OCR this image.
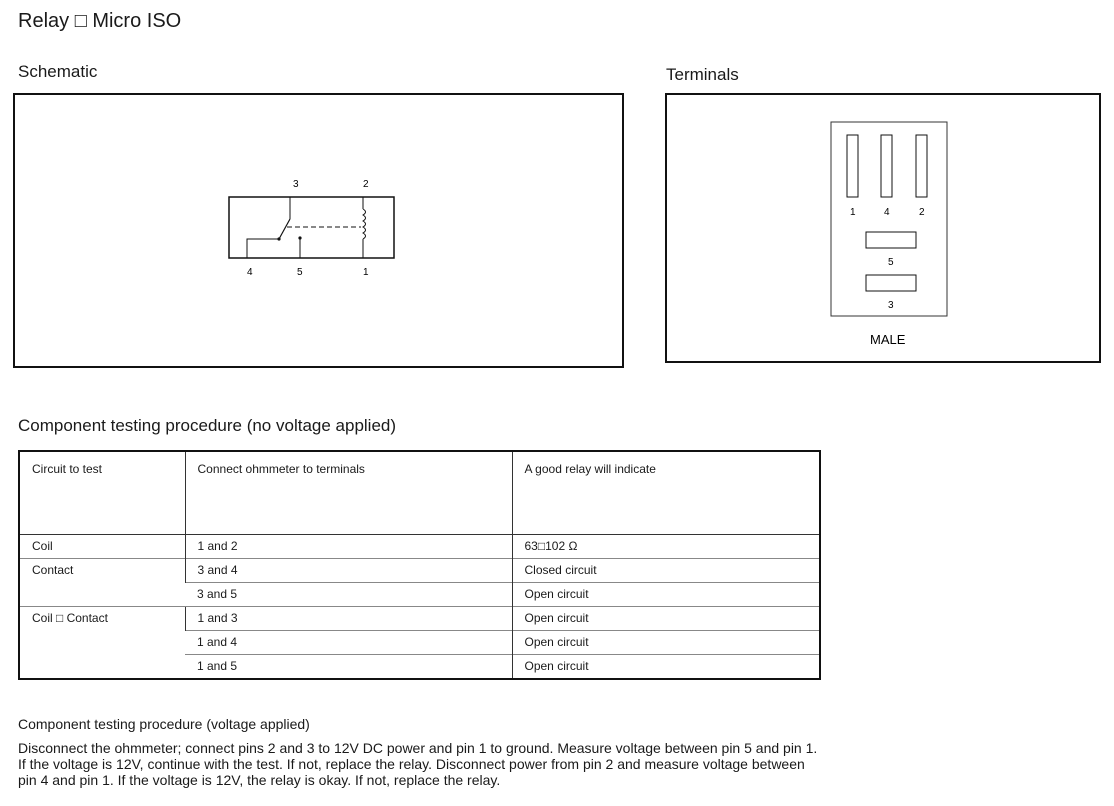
Relay □ Micro ISO
Schematic
3	2
4	5	1
Terminals
1	4	2
5
3
MALE
Component testing procedure (no voltage applied)
Circuit to test	Connect ohmmeter to terminals	A good relay will indicate
Coil	1 and 2	63□102 Ω
Contact	3 and 4	Closed circuit
	3 and 5	Open circuit
Coil □ Contact	1 and 3	Open circuit
	1 and 4	Open circuit
	1 and 5	Open circuit
Component testing procedure (voltage applied)
Disconnect the ohmmeter; connect pins 2 and 3 to 12V DC power and pin 1 to ground. Measure voltage between pin 5 and pin 1.
If the voltage is 12V, continue with the test. If not, replace the relay. Disconnect power from pin 2 and measure voltage between
pin 4 and pin 1. If the voltage is 12V, the relay is okay. If not, replace the relay.
